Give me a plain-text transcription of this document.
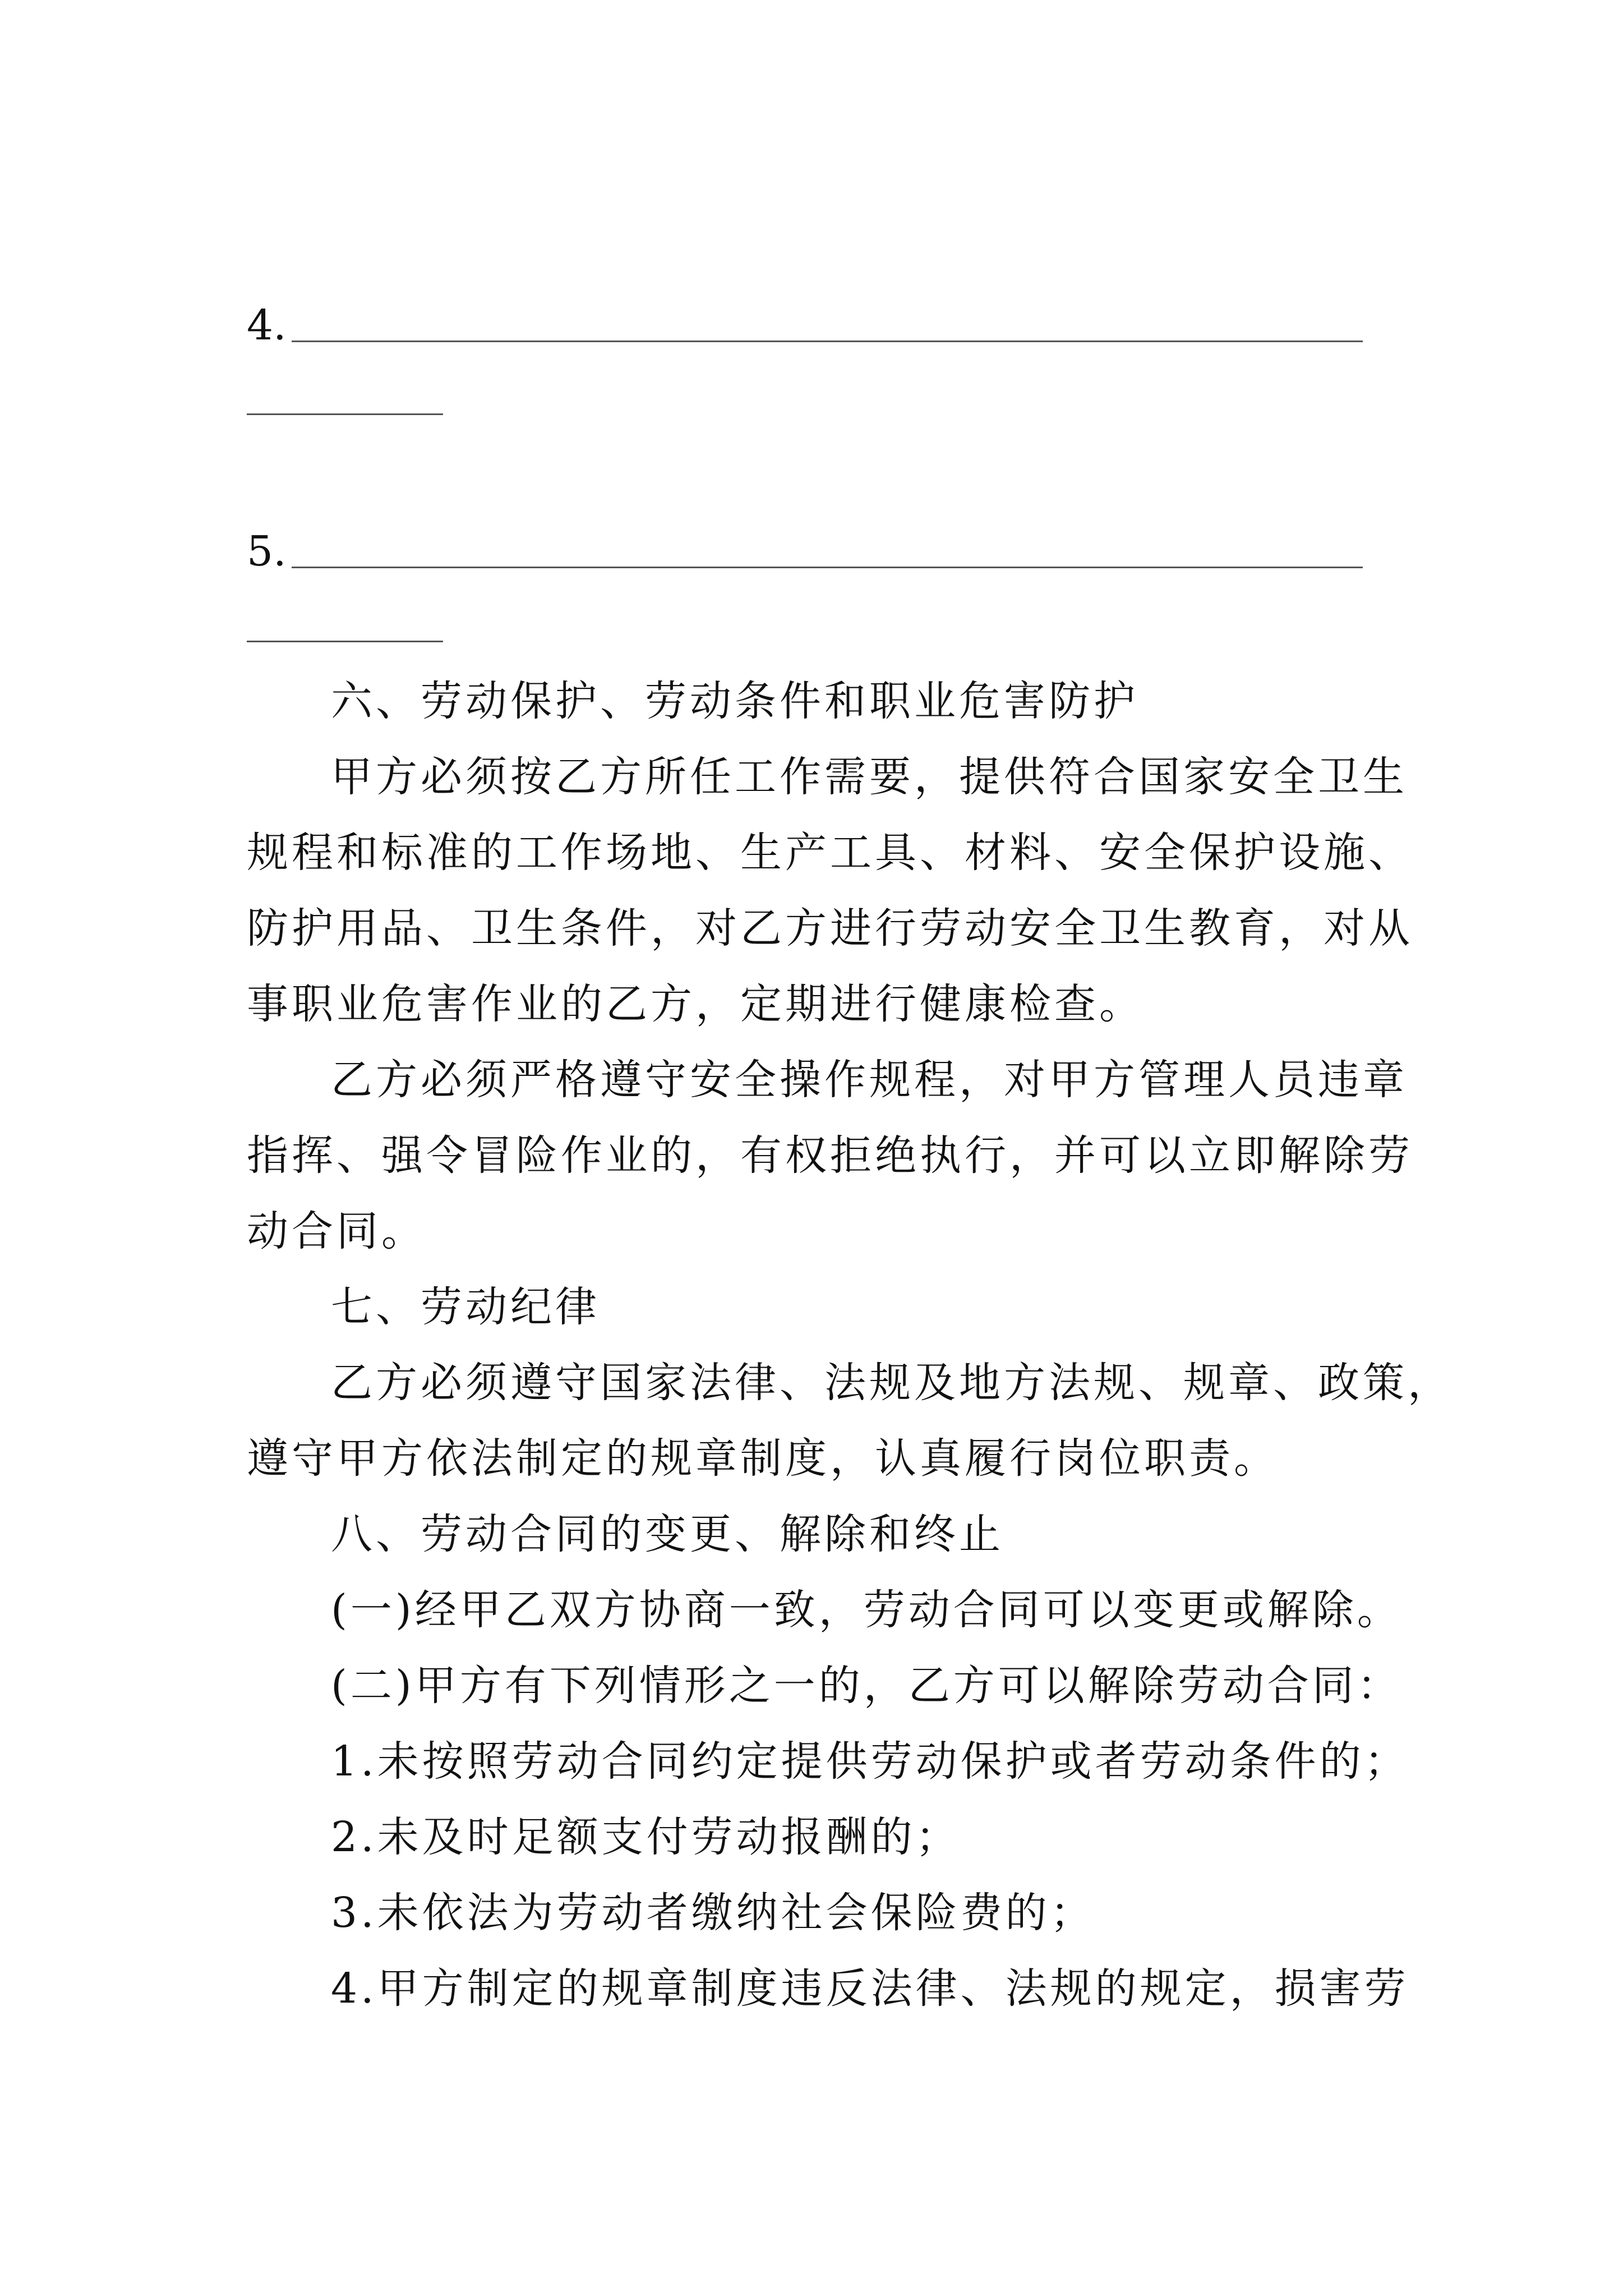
4.
5.
六、劳动保护、劳动条件和职业危害防护
甲方必须按乙方所任工作需要，提供符合国家安全卫生
规程和标准的工作场地、生产工具、材料、安全保护设施、
防护用品、卫生条件，对乙方进行劳动安全卫生教育，对从
事职业危害作业的乙方，定期进行健康检查。
乙方必须严格遵守安全操作规程，对甲方管理人员违章
指挥、强令冒险作业的，有权拒绝执行，并可以立即解除劳
动合同。
七、劳动纪律
乙方必须遵守国家法律、法规及地方法规、规章、政策，
遵守甲方依法制定的规章制度，认真履行岗位职责。
八、劳动合同的变更、解除和终止
(一)经甲乙双方协商一致，劳动合同可以变更或解除。
(二)甲方有下列情形之一的，乙方可以解除劳动合同：
1.未按照劳动合同约定提供劳动保护或者劳动条件的；
2.未及时足额支付劳动报酬的；
3.未依法为劳动者缴纳社会保险费的；
4.甲方制定的规章制度违反法律、法规的规定，损害劳
